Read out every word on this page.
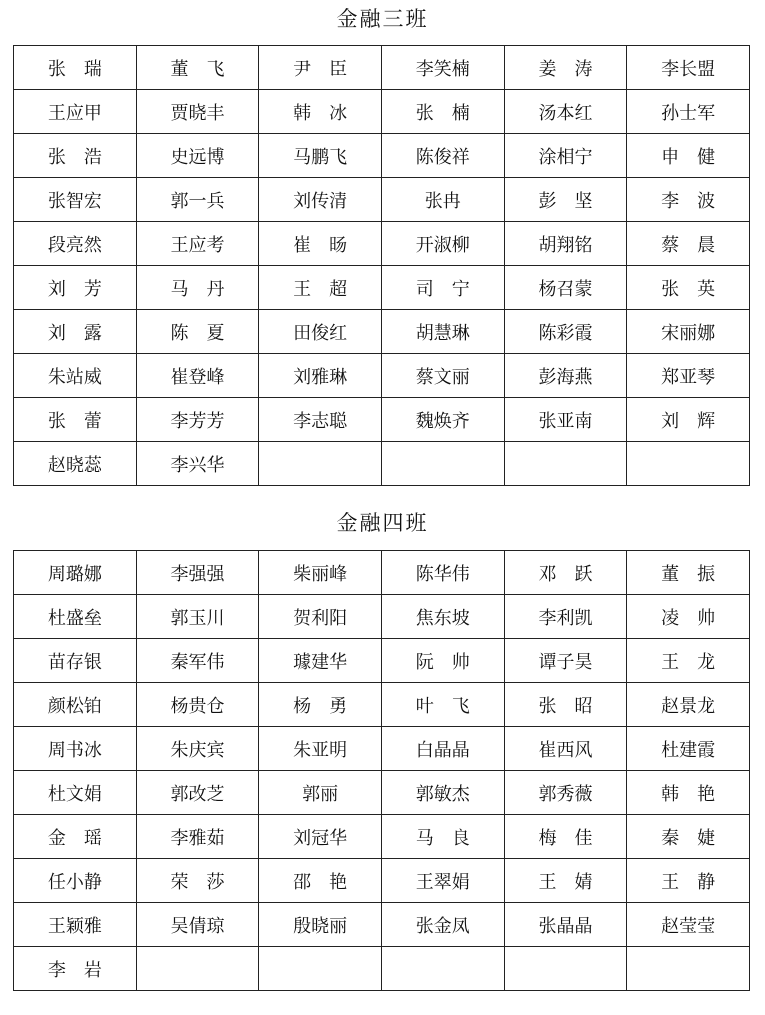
金融三班
张　瑞	董　飞	尹　臣	李笑楠	姜　涛	李长盟
王应甲	贾晓丰	韩　冰	张　楠	汤本红	孙士军
张　浩	史远博	马鹏飞	陈俊祥	涂相宁	申　健
张智宏	郭一兵	刘传清	张冉	彭　坚	李　波
段亮然	王应考	崔　旸	开淑柳	胡翔铭	蔡　晨
刘　芳	马　丹	王　超	司　宁	杨召蒙	张　英
刘　露	陈　夏	田俊红	胡慧琳	陈彩霞	宋丽娜
朱站威	崔登峰	刘雅琳	蔡文丽	彭海燕	郑亚琴
张　蕾	李芳芳	李志聪	魏焕齐	张亚南	刘　辉
赵晓蕊	李兴华				
金融四班
周璐娜	李强强	柴丽峰	陈华伟	邓　跃	董　振
杜盛垒	郭玉川	贺利阳	焦东坡	李利凯	凌　帅
苗存银	秦军伟	璩建华	阮　帅	谭子昊	王　龙
颜松铂	杨贵仓	杨　勇	叶　飞	张　昭	赵景龙
周书冰	朱庆宾	朱亚明	白晶晶	崔西风	杜建霞
杜文娟	郭改芝	郭丽	郭敏杰	郭秀薇	韩　艳
金　瑶	李雅茹	刘冠华	马　良	梅　佳	秦　婕
任小静	荣　莎	邵　艳	王翠娟	王　婧	王　静
王颖雅	吴倩琼	殷晓丽	张金凤	张晶晶	赵莹莹
李　岩					
